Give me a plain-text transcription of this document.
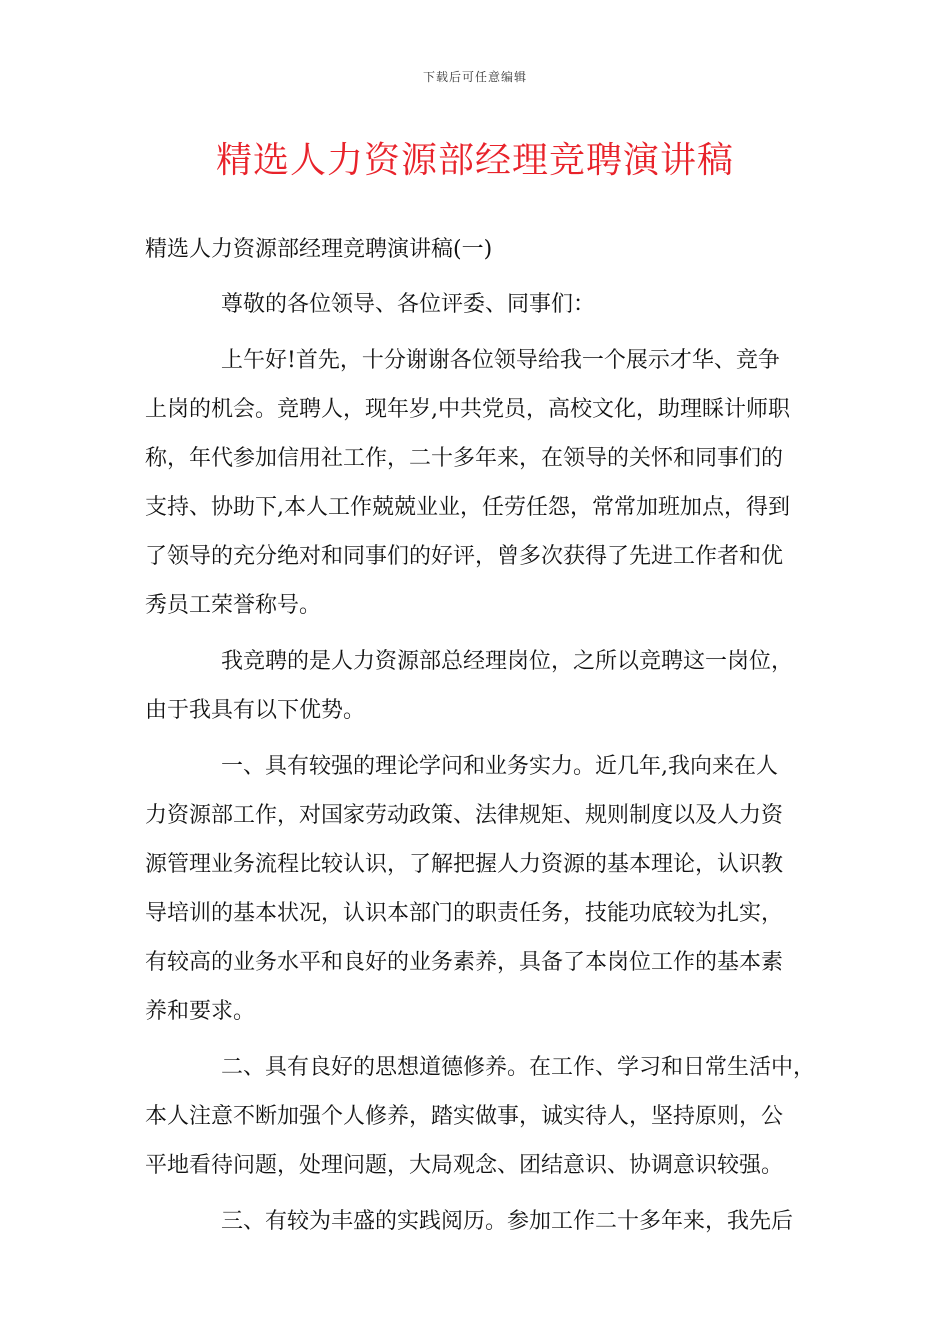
下载后可任意编辑
精选人力资源部经理竞聘演讲稿
精选人力资源部经理竞聘演讲稿(一)
尊敬的各位领导、各位评委、同事们：
上午好!首先，十分谢谢各位领导给我一个展示才华、竞争
上岗的机会。竞聘人，现年岁,中共党员，高校文化，助理睬计师职
称，年代参加信用社工作，二十多年来，在领导的关怀和同事们的
支持、协助下,本人工作兢兢业业，任劳任怨，常常加班加点，得到
了领导的充分绝对和同事们的好评，曾多次获得了先进工作者和优
秀员工荣誉称号。
我竞聘的是人力资源部总经理岗位，之所以竞聘这一岗位，
由于我具有以下优势。
一、具有较强的理论学问和业务实力。近几年,我向来在人
力资源部工作，对国家劳动政策、法律规矩、规则制度以及人力资
源管理业务流程比较认识，了解把握人力资源的基本理论，认识教
导培训的基本状况，认识本部门的职责任务，技能功底较为扎实，
有较高的业务水平和良好的业务素养，具备了本岗位工作的基本素
养和要求。
二、具有良好的思想道德修养。在工作、学习和日常生活中，
本人注意不断加强个人修养，踏实做事，诚实待人，坚持原则，公
平地看待问题，处理问题，大局观念、团结意识、协调意识较强。
三、有较为丰盛的实践阅历。参加工作二十多年来，我先后
